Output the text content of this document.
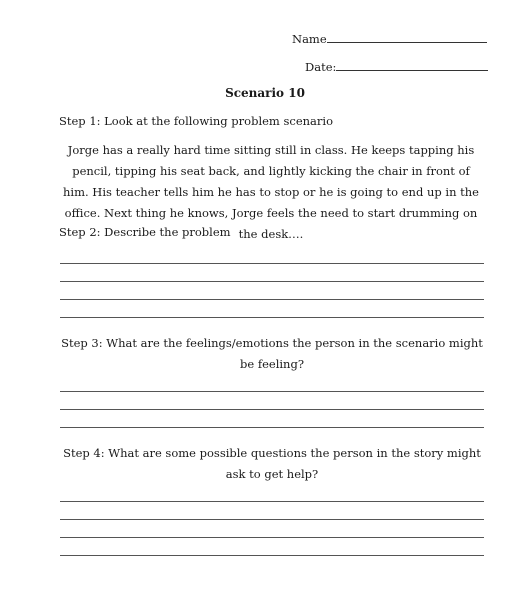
Name
Date:
Scenario 10
Step 1: Look at the following problem scenario

Jorge has a really hard time sitting still in class. He keeps tapping his pencil, tipping his seat back, and lightly kicking the chair in front of him. His teacher tells him he has to stop or he is going to end up in the office. Next thing he knows, Jorge feels the need to start drumming on the desk….

Step 2: Describe the problem

Step 3: What are the feelings/emotions the person in the scenario might be feeling?

Step 4: What are some possible questions the person in the story might ask to get help?
